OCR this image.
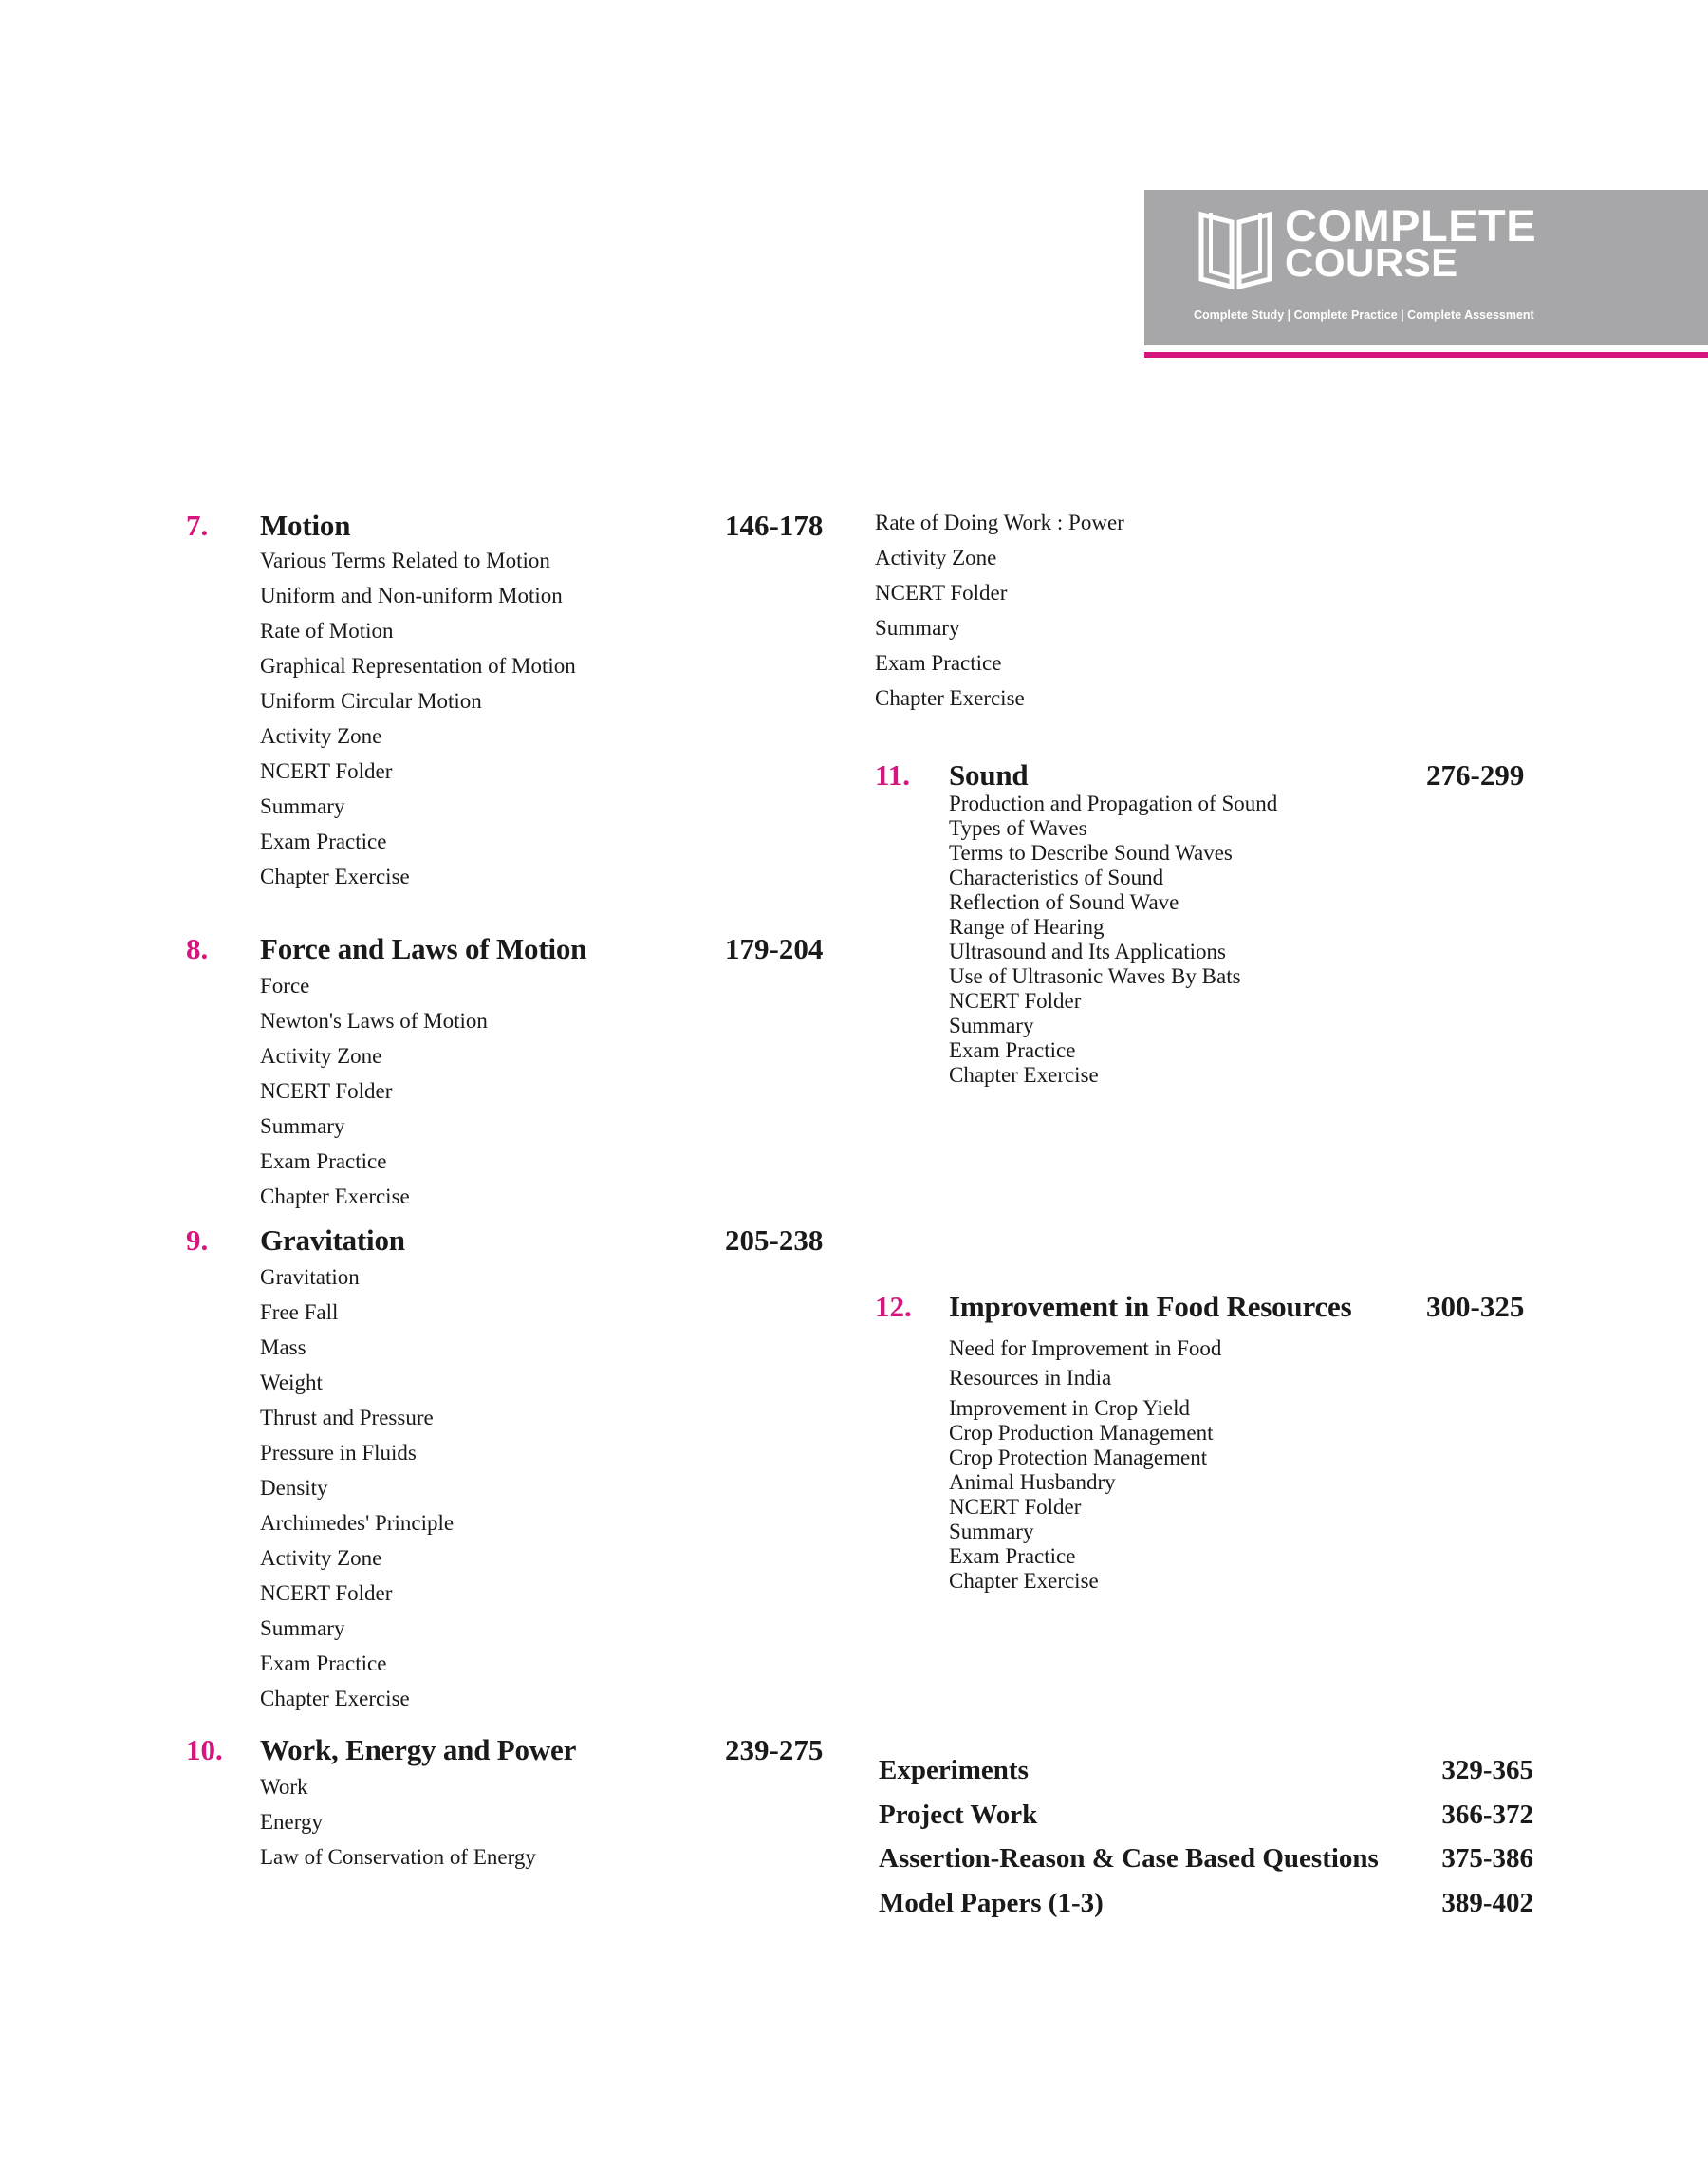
COMPLETE
COURSE
Complete Study | Complete Practice | Complete Assessment
7. Motion	146-178
Various Terms Related to Motion
Uniform and Non-uniform Motion
Rate of Motion
Graphical Representation of Motion
Uniform Circular Motion
Activity Zone
NCERT Folder
Summary
Exam Practice
Chapter Exercise
8. Force and Laws of Motion	179-204
Force
Newton's Laws of Motion
Activity Zone
NCERT Folder
Summary
Exam Practice
Chapter Exercise
9. Gravitation	205-238
Gravitation
Free Fall
Mass
Weight
Thrust and Pressure
Pressure in Fluids
Density
Archimedes' Principle
Activity Zone
NCERT Folder
Summary
Exam Practice
Chapter Exercise
10. Work, Energy and Power	239-275
Work
Energy
Law of Conservation of Energy
Rate of Doing Work : Power
Activity Zone
NCERT Folder
Summary
Exam Practice
Chapter Exercise
11. Sound	276-299
Production and Propagation of Sound
Types of Waves
Terms to Describe Sound Waves
Characteristics of Sound
Reflection of Sound Wave
Range of Hearing
Ultrasound and Its Applications
Use of Ultrasonic Waves By Bats
NCERT Folder
Summary
Exam Practice
Chapter Exercise
12. Improvement in Food Resources	300-325
Need for Improvement in Food Resources in India
Improvement in Crop Yield
Crop Production Management
Crop Protection Management
Animal Husbandry
NCERT Folder
Summary
Exam Practice
Chapter Exercise
Experiments	329-365
Project Work	366-372
Assertion-Reason & Case Based Questions 375-386
Model Papers (1-3)	389-402
